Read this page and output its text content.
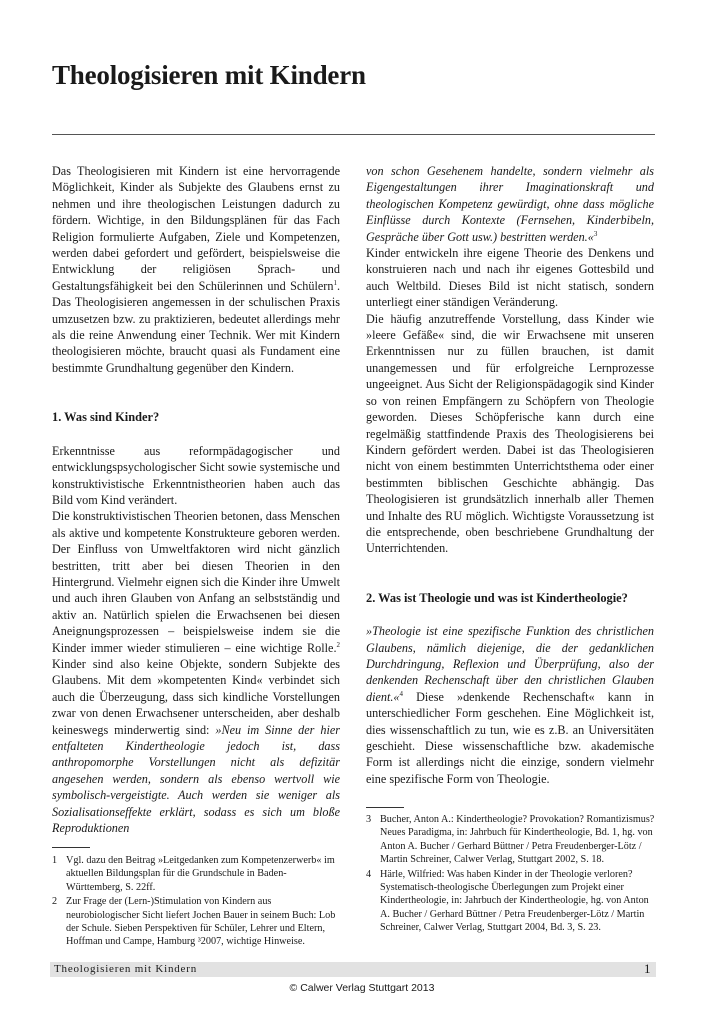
Theologisieren mit Kindern

Das Theologisieren mit Kindern ist eine hervorragende Möglichkeit, Kinder als Subjekte des Glaubens ernst zu nehmen und ihre theologischen Leistungen dadurch zu fördern. Wichtige, in den Bildungsplänen für das Fach Religion formulierte Aufgaben, Ziele und Kompetenzen, werden dabei gefordert und gefördert, beispielsweise die Entwicklung der religiösen Sprach- und Gestaltungsfähigkeit bei den Schülerinnen und Schülern$^1$. Das Theologisieren angemessen in der schulischen Praxis umzusetzen bzw. zu praktizieren, bedeutet allerdings mehr als die reine Anwendung einer Technik. Wer mit Kindern theologisieren möchte, braucht quasi als Fundament eine bestimmte Grundhaltung gegenüber den Kindern.

1. Was sind Kinder?

Erkenntnisse aus reformpädagogischer und entwicklungspsychologischer Sicht sowie systemische und konstruktivistische Erkenntnistheorien haben auch das Bild vom Kind verändert.

Die konstruktivistischen Theorien betonen, dass Menschen als aktive und kompetente Konstrukteure geboren werden. Der Einfluss von Umweltfaktoren wird nicht gänzlich bestritten, tritt aber bei diesen Theorien in den Hintergrund. Vielmehr eignen sich die Kinder ihre Umwelt und auch ihren Glauben von Anfang an selbstständig und aktiv an. Natürlich spielen die Erwachsenen bei diesen Aneignungsprozessen – beispielsweise indem sie die Kinder immer wieder stimulieren – eine wichtige Rolle.$^2$ Kinder sind also keine Objekte, sondern Subjekte des Glaubens. Mit dem »kompetenten Kind« verbindet sich auch die Überzeugung, dass sich kindliche Vorstellungen zwar von denen Erwachsener unterscheiden, aber deshalb keineswegs minderwertig sind: »Neu im Sinne der hier entfalteten Kindertheologie jedoch ist, dass anthropomorphe Vorstellungen nicht als defizitär angesehen werden, sondern als ebenso wertvoll wie symbolisch-vergeistigte. Auch werden sie weniger als Sozialisationseffekte erklärt, sodass es sich um bloße Reproduktionen

von schon Gesehenem handelte, sondern vielmehr als Eigengestaltungen ihrer Imaginationskraft und theologischen Kompetenz gewürdigt, ohne dass mögliche Einflüsse durch Kontexte (Fernsehen, Kinderbibeln, Gespräche über Gott usw.) bestritten werden.«$^3$

Kinder entwickeln ihre eigene Theorie des Denkens und konstruieren nach und nach ihr eigenes Gottesbild und auch Weltbild. Dieses Bild ist nicht statisch, sondern unterliegt einer ständigen Veränderung.

Die häufig anzutreffende Vorstellung, dass Kinder wie »leere Gefäße« sind, die wir Erwachsene mit unseren Erkenntnissen nur zu füllen brauchen, ist damit unangemessen und für erfolgreiche Lernprozesse ungeeignet. Aus Sicht der Religionspädagogik sind Kinder so von reinen Empfängern zu Schöpfern von Theologie geworden. Dieses Schöpferische kann durch eine regelmäßig stattfindende Praxis des Theologisierens bei Kindern gefördert werden. Dabei ist das Theologisieren nicht von einem bestimmten Unterrichtsthema oder einer bestimmten biblischen Geschichte abhängig. Das Theologisieren ist grundsätzlich innerhalb aller Themen und Inhalte des RU möglich. Wichtigste Voraussetzung ist die entsprechende, oben beschriebene Grundhaltung der Unterrichtenden.

2. Was ist Theologie und was ist Kindertheologie?

»Theologie ist eine spezifische Funktion des christlichen Glaubens, nämlich diejenige, die der gedanklichen Durchdringung, Reflexion und Überprüfung, also der denkenden Rechenschaft über den christlichen Glauben dient.«$^4$ Diese »denkende Rechenschaft« kann in unterschiedlicher Form geschehen. Eine Möglichkeit ist, dies wissenschaftlich zu tun, wie es z.B. an Universitäten geschieht. Diese wissenschaftliche bzw. akademische Form ist allerdings nicht die einzige, sondern vielmehr eine spezifische Form von Theologie.

1 Vgl. dazu den Beitrag »Leitgedanken zum Kompetenzerwerb« im aktuellen Bildungsplan für die Grundschule in Baden-Württemberg, S. 22ff.
2 Zur Frage der (Lern-)Stimulation von Kindern aus neurobiologischer Sicht liefert Jochen Bauer in seinem Buch: Lob der Schule. Sieben Perspektiven für Schüler, Lehrer und Eltern, Hoffman und Campe, Hamburg ³2007, wichtige Hinweise.
3 Bucher, Anton A.: Kindertheologie? Provokation? Romantizismus? Neues Paradigma, in: Jahrbuch für Kindertheologie, Bd. 1, hg. von Anton A. Bucher / Gerhard Büttner / Petra Freudenberger-Lötz / Martin Schreiner, Calwer Verlag, Stuttgart 2002, S. 18.
4 Härle, Wilfried: Was haben Kinder in der Theologie verloren? Systematisch-theologische Überlegungen zum Projekt einer Kindertheologie, in: Jahrbuch der Kindertheologie, hg. von Anton A. Bucher / Gerhard Büttner / Petra Freudenberger-Lötz / Martin Schreiner, Calwer Verlag, Stuttgart 2004, Bd. 3, S. 23.
Theologisieren mit Kindern	1
© Calwer Verlag Stuttgart 2013
